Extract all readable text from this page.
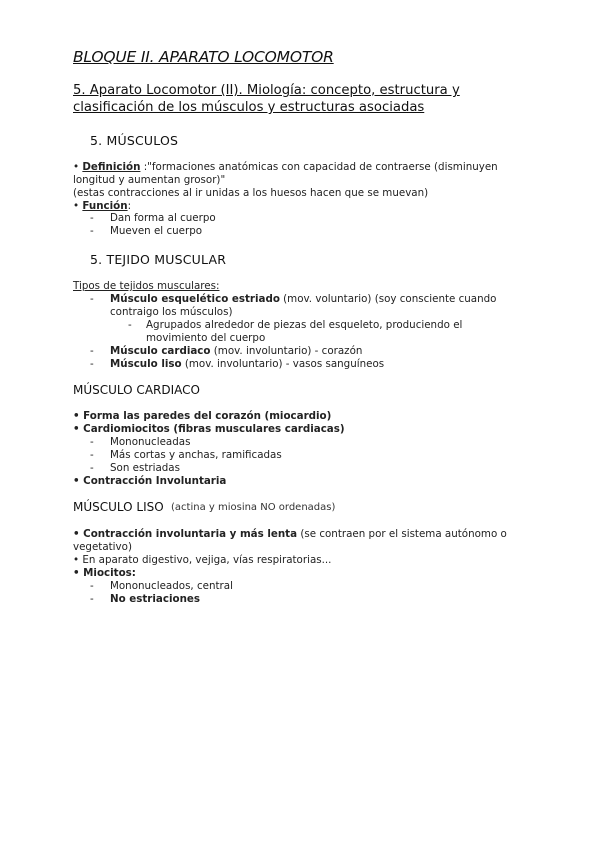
BLOQUE II. APARATO LOCOMOTOR
5. Aparato Locomotor (II). Miología: concepto, estructura y clasificación de los músculos y estructuras asociadas
5. MÚSCULOS
• Definición :"formaciones anatómicas con capacidad de contraerse (disminuyen
longitud y aumentan grosor)"
(estas contracciones al ir unidas a los huesos hacen que se muevan)
• Función:
- Dan forma al cuerpo
- Mueven el cuerpo
5. TEJIDO MUSCULAR
Tipos de tejidos musculares:
- Músculo esquelético estriado (mov. voluntario) (soy consciente cuando
contraigo los músculos)
- Agrupados alrededor de piezas del esqueleto, produciendo el
movimiento del cuerpo
- Músculo cardiaco (mov. involuntario) - corazón
- Músculo liso (mov. involuntario) - vasos sanguíneos
MÚSCULO CARDIACO
• Forma las paredes del corazón (miocardio)
• Cardiomiocitos (fibras musculares cardiacas)
- Mononucleadas
- Más cortas y anchas, ramificadas
- Son estriadas
• Contracción Involuntaria
MÚSCULO LISO (actina y miosina NO ordenadas)
• Contracción involuntaria y más lenta (se contraen por el sistema autónomo o
vegetativo)
• En aparato digestivo, vejiga, vías respiratorias...
• Miocitos:
- Mononucleados, central
- No estriaciones
